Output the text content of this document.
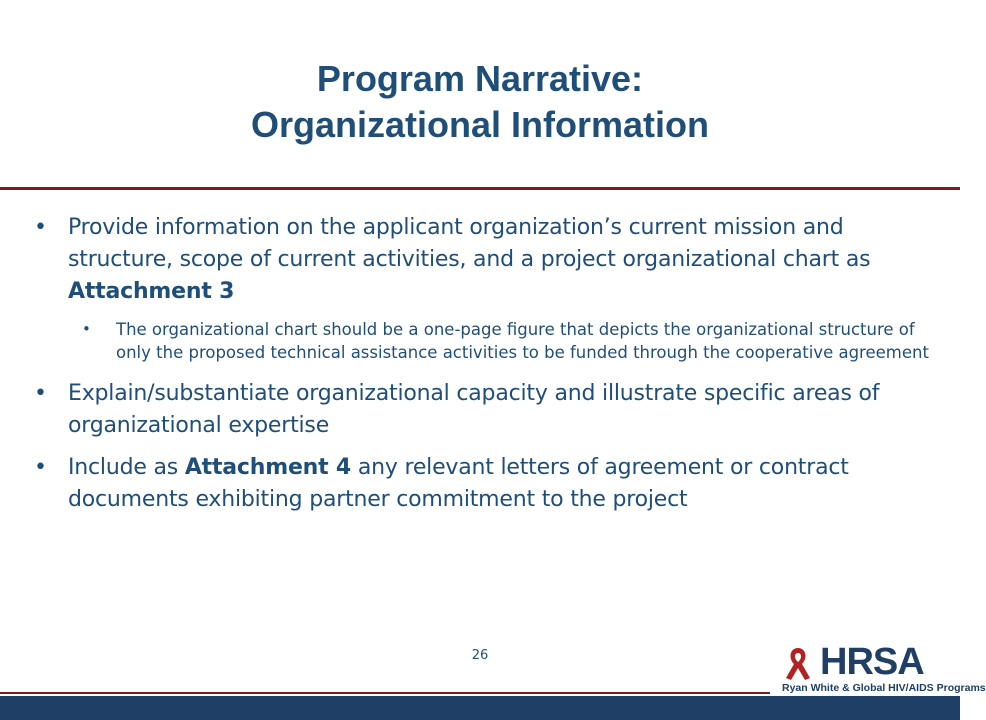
Program Narrative:
Organizational Information
• Provide information on the applicant organization’s current mission and structure, scope of current activities, and a project organizational chart as Attachment 3
• The organizational chart should be a one-page figure that depicts the organizational structure of only the proposed technical assistance activities to be funded through the cooperative agreement
• Explain/substantiate organizational capacity and illustrate specific areas of organizational expertise
• Include as Attachment 4 any relevant letters of agreement or contract documents exhibiting partner commitment to the project
26	HRSA
Ryan White & Global HIV/AIDS Programs
